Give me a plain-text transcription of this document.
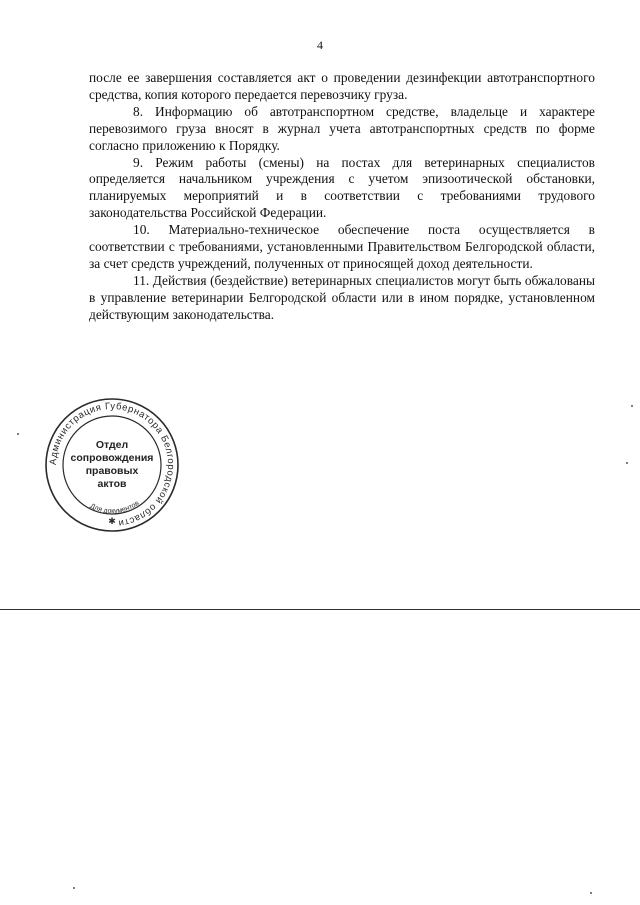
4

после ее завершения составляется акт о проведении дезинфекции автотранспортного средства, копия которого передается перевозчику груза.

8. Информацию об автотранспортном средстве, владельце и характере перевозимого груза вносят в журнал учета автотранспортных средств по форме согласно приложению к Порядку.

9. Режим работы (смены) на постах для ветеринарных специалистов определяется начальником учреждения с учетом эпизоотической обстановки, планируемых мероприятий и в соответствии с требованиями трудового законодательства Российской Федерации.

10. Материально-техническое обеспечение поста осуществляется в соответствии с требованиями, установленными Правительством Белгородской области, за счет средств учреждений, полученных от приносящей доход деятельности.

11. Действия (бездействие) ветеринарных специалистов могут быть обжалованы в управление ветеринарии Белгородской области или в ином порядке, установленном действующим законодательства.

Администрация Губернатора Белгородской области
Для документов
✱
Отдел
сопровождения
правовых
актов
